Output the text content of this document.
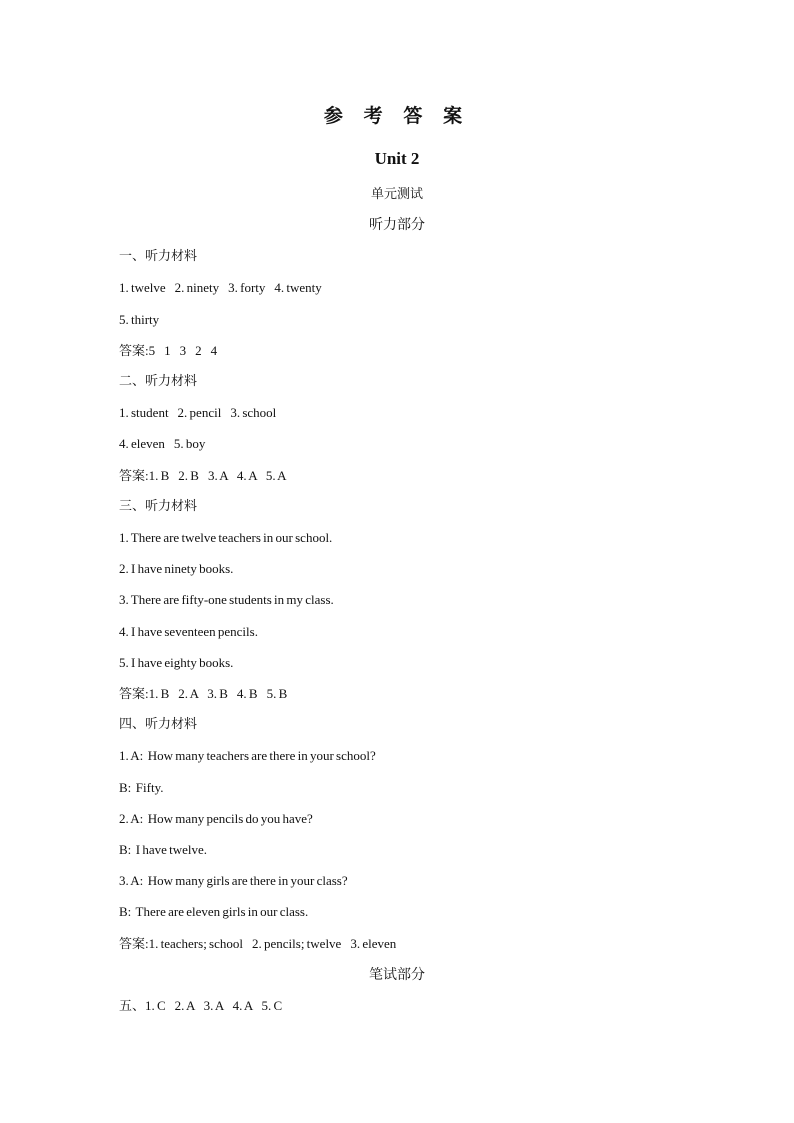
参 考 答 案
Unit 2
单元测试
听力部分
一、听力材料
1. twelve    2. ninety    3. forty    4. twenty
5. thirty
答案:5    1    3    2    4
二、听力材料
1. student    2. pencil    3. school
4. eleven    5. boy
答案:1. B    2. B    3. A    4. A    5. A
三、听力材料
1. There are twelve teachers in our school.
2. I have ninety books.
3. There are fifty-one students in my class.
4. I have seventeen pencils.
5. I have eighty books.
答案:1. B    2. A    3. B    4. B    5. B
四、听力材料
1. A:  How many teachers are there in your school?
B:  Fifty.
2. A:  How many pencils do you have?
B:  I have twelve.
3. A:  How many girls are there in your class?
B:  There are eleven girls in our class.
答案:1. teachers; school    2. pencils; twelve    3. eleven
笔试部分
五、1. C    2. A    3. A    4. A    5. C
